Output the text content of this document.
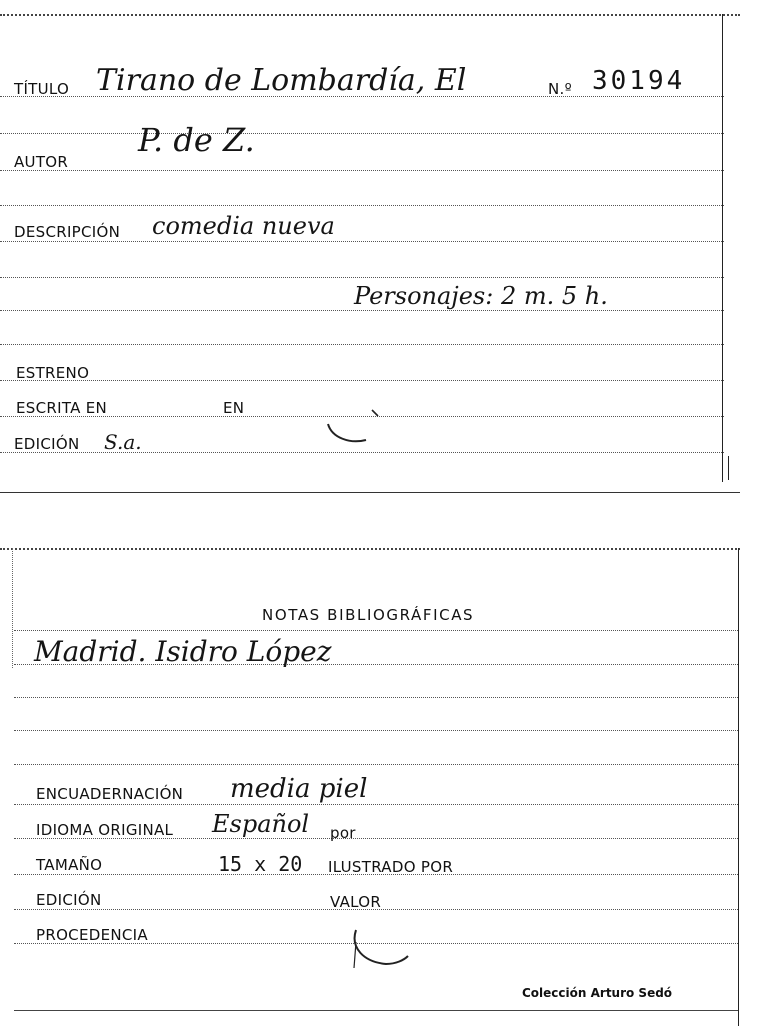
TÍTULO Tirano de Lombardía, El	N.º 30194
AUTOR
P. de Z.
DESCRIPCIÓN comedia nueva
Personajes: 2 m. 5 h.
ESTRENO
ESCRITA EN	EN
EDICIÓN S.a.
NOTAS BIBLIOGRÁFICAS
Madrid. Isidro López
ENCUADERNACIÓN media piel
IDIOMA ORIGINAL Español por
TAMAÑO	15 x 20 ILUSTRADO POR
EDICIÓN	VALOR
PROCEDENCIA
Colección Arturo Sedó
